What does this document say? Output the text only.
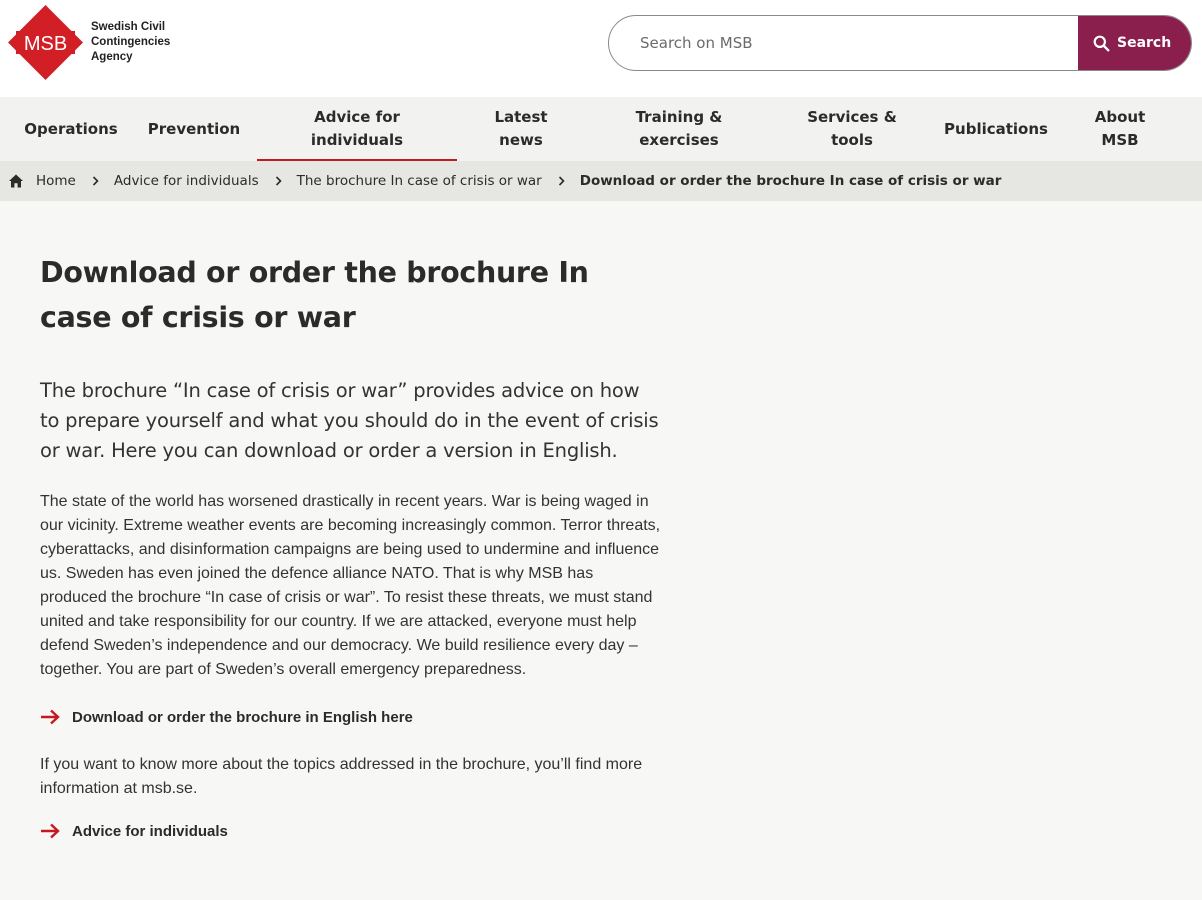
MSB
Swedish Civil
Contingencies
Agency
Search on MSB
Search
Operations Prevention
Advice for individuals
Latest news
Training & exercises
Services & tools
Publications
About MSB
Home	Advice for individuals	The brochure In case of crisis or war	Download or order the brochure In case of crisis or war
Download or order the brochure In case of crisis or war

The brochure “In case of crisis or war” provides advice on how to prepare yourself and what you should do in the event of crisis or war. Here you can download or order a version in English.

The state of the world has worsened drastically in recent years. War is being waged in our vicinity. Extreme weather events are becoming increasingly common. Terror threats, cyberattacks, and disinformation campaigns are being used to undermine and influence us. Sweden has even joined the defence alliance NATO. That is why MSB has produced the brochure “In case of crisis or war”. To resist these threats, we must stand united and take responsibility for our country. If we are attacked, everyone must help defend Sweden’s independence and our democracy. We build resilience every day – together. You are part of Sweden’s overall emergency preparedness.

Download or order the brochure in English here

If you want to know more about the topics addressed in the brochure, you’ll find more information at msb.se.

Advice for individuals
